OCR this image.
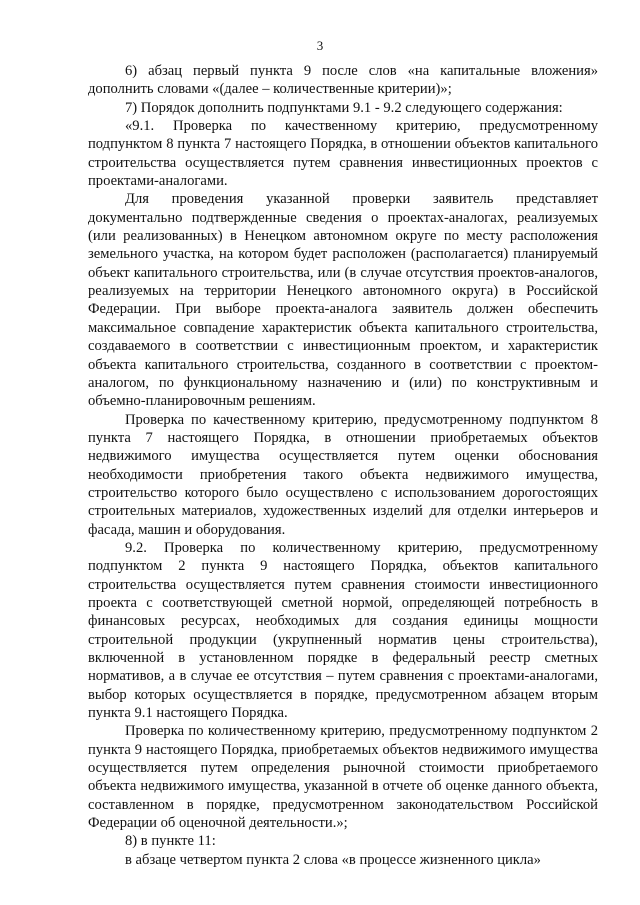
3

6) абзац первый пункта 9 после слов «на капитальные вложения» дополнить словами «(далее – количественные критерии)»;

7) Порядок дополнить подпунктами 9.1 - 9.2 следующего содержания:

«9.1. Проверка по качественному критерию, предусмотренному подпунктом 8 пункта 7 настоящего Порядка, в отношении объектов капитального строительства осуществляется путем сравнения инвестиционных проектов с проектами-аналогами.

Для проведения указанной проверки заявитель представляет документально подтвержденные сведения о проектах-аналогах, реализуемых (или реализованных) в Ненецком автономном округе по месту расположения земельного участка, на котором будет расположен (располагается) планируемый объект капитального строительства, или (в случае отсутствия проектов-аналогов, реализуемых на территории Ненецкого автономного округа) в Российской Федерации. При выборе проекта-аналога заявитель должен обеспечить максимальное совпадение характеристик объекта капитального строительства, создаваемого в соответствии с инвестиционным проектом, и характеристик объекта капитального строительства, созданного в соответствии с проектом-аналогом, по функциональному назначению и (или) по конструктивным и объемно-планировочным решениям.

Проверка по качественному критерию, предусмотренному подпунктом 8 пункта 7 настоящего Порядка, в отношении приобретаемых объектов недвижимого имущества осуществляется путем оценки обоснования необходимости приобретения такого объекта недвижимого имущества, строительство которого было осуществлено с использованием дорогостоящих строительных материалов, художественных изделий для отделки интерьеров и фасада, машин и оборудования.

9.2. Проверка по количественному критерию, предусмотренному подпунктом 2 пункта 9 настоящего Порядка, объектов капитального строительства осуществляется путем сравнения стоимости инвестиционного проекта с соответствующей сметной нормой, определяющей потребность в финансовых ресурсах, необходимых для создания единицы мощности строительной продукции (укрупненный норматив цены строительства), включенной в установленном порядке в федеральный реестр сметных нормативов, а в случае ее отсутствия – путем сравнения с проектами-аналогами, выбор которых осуществляется в порядке, предусмотренном абзацем вторым пункта 9.1 настоящего Порядка.

Проверка по количественному критерию, предусмотренному подпунктом 2 пункта 9 настоящего Порядка, приобретаемых объектов недвижимого имущества осуществляется путем определения рыночной стоимости приобретаемого объекта недвижимого имущества, указанной в отчете об оценке данного объекта, составленном в порядке, предусмотренном законодательством Российской Федерации об оценочной деятельности.»;

8) в пункте 11:

в абзаце четвертом пункта 2 слова «в процессе жизненного цикла»
